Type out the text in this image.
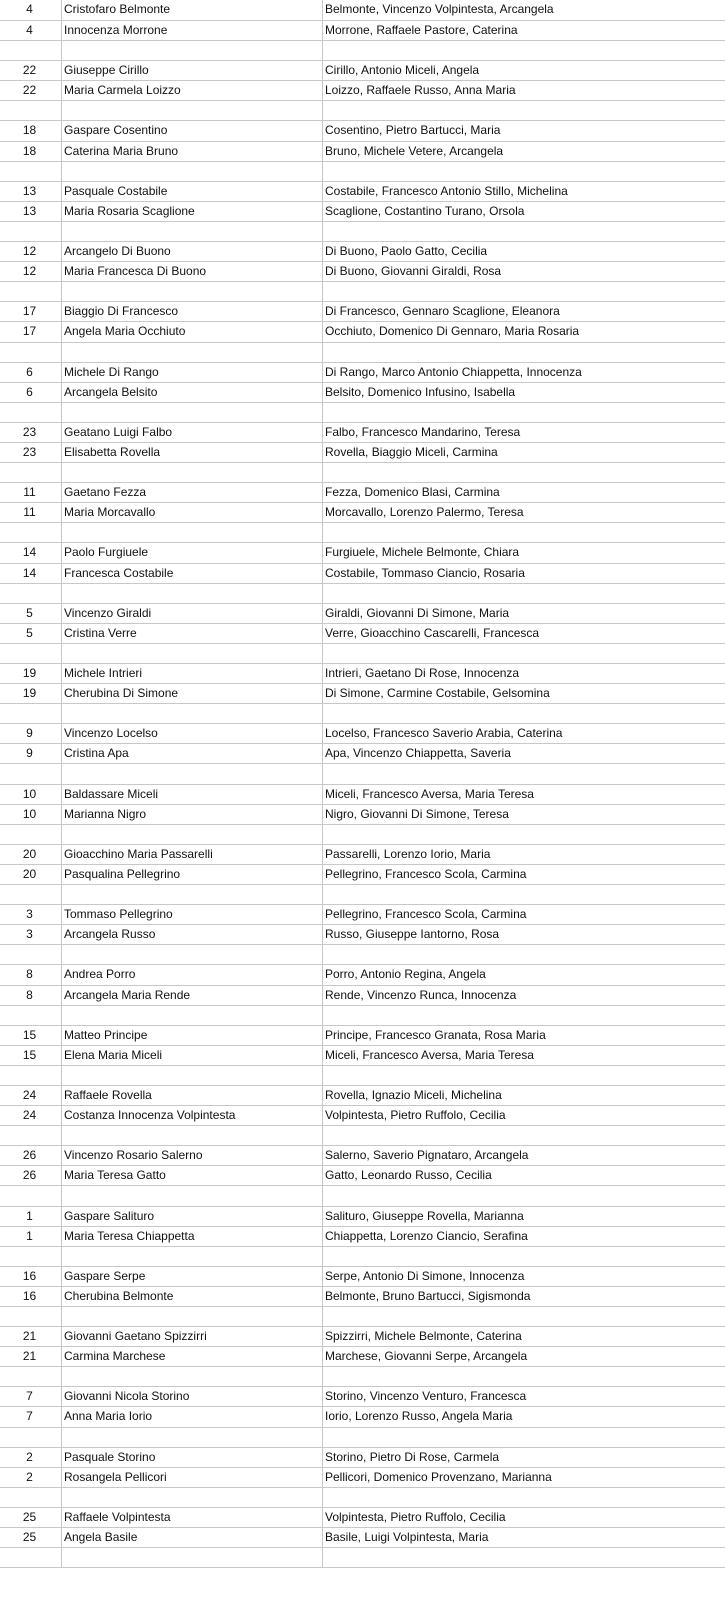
4	Cristofaro Belmonte	Belmonte, Vincenzo Volpintesta, Arcangela
4	Innocenza Morrone	Morrone, Raffaele Pastore, Caterina
22	Giuseppe Cirillo	Cirillo, Antonio Miceli, Angela
22	Maria Carmela Loizzo	Loizzo, Raffaele Russo, Anna Maria
18	Gaspare Cosentino	Cosentino, Pietro Bartucci, Maria
18	Caterina Maria Bruno	Bruno, Michele Vetere, Arcangela
13	Pasquale Costabile	Costabile, Francesco Antonio Stillo, Michelina
13	Maria Rosaria Scaglione	Scaglione, Costantino Turano, Orsola
12	Arcangelo Di Buono	Di Buono, Paolo Gatto, Cecilia
12	Maria Francesca Di Buono	Di Buono, Giovanni Giraldi, Rosa
17	Biaggio Di Francesco	Di Francesco, Gennaro Scaglione, Eleanora
17	Angela Maria Occhiuto	Occhiuto, Domenico Di Gennaro, Maria Rosaria
6	Michele Di Rango	Di Rango, Marco Antonio Chiappetta, Innocenza
6	Arcangela Belsito	Belsito, Domenico Infusino, Isabella
23	Geatano Luigi Falbo	Falbo, Francesco Mandarino, Teresa
23	Elisabetta Rovella	Rovella, Biaggio Miceli, Carmina
11	Gaetano Fezza	Fezza, Domenico Blasi, Carmina
11	Maria Morcavallo	Morcavallo, Lorenzo Palermo, Teresa
14	Paolo Furgiuele	Furgiuele, Michele Belmonte, Chiara
14	Francesca Costabile	Costabile, Tommaso Ciancio, Rosaria
5	Vincenzo Giraldi	Giraldi, Giovanni Di Simone, Maria
5	Cristina Verre	Verre, Gioacchino Cascarelli, Francesca
19	Michele Intrieri	Intrieri, Gaetano Di Rose, Innocenza
19	Cherubina Di Simone	Di Simone, Carmine Costabile, Gelsomina
9	Vincenzo Locelso	Locelso, Francesco Saverio Arabia, Caterina
9	Cristina Apa	Apa, Vincenzo Chiappetta, Saveria
10	Baldassare Miceli	Miceli, Francesco Aversa, Maria Teresa
10	Marianna Nigro	Nigro, Giovanni Di Simone, Teresa
20	Gioacchino Maria Passarelli	Passarelli, Lorenzo Iorio, Maria
20	Pasqualina Pellegrino	Pellegrino, Francesco Scola, Carmina
3	Tommaso Pellegrino	Pellegrino, Francesco Scola, Carmina
3	Arcangela Russo	Russo, Giuseppe Iantorno, Rosa
8	Andrea Porro	Porro, Antonio Regina, Angela
8	Arcangela Maria Rende	Rende, Vincenzo Runca, Innocenza
15	Matteo Principe	Principe, Francesco Granata, Rosa Maria
15	Elena Maria Miceli	Miceli, Francesco Aversa, Maria Teresa
24	Raffaele Rovella	Rovella, Ignazio Miceli, Michelina
24	Costanza Innocenza Volpintesta	Volpintesta, Pietro Ruffolo, Cecilia
26	Vincenzo Rosario Salerno	Salerno, Saverio Pignataro, Arcangela
26	Maria Teresa Gatto	Gatto, Leonardo Russo, Cecilia
1	Gaspare Salituro	Salituro, Giuseppe Rovella, Marianna
1	Maria Teresa Chiappetta	Chiappetta, Lorenzo Ciancio, Serafina
16	Gaspare Serpe	Serpe, Antonio Di Simone, Innocenza
16	Cherubina Belmonte	Belmonte, Bruno Bartucci, Sigismonda
21	Giovanni Gaetano Spizzirri	Spizzirri, Michele Belmonte, Caterina
21	Carmina Marchese	Marchese, Giovanni Serpe, Arcangela
7	Giovanni Nicola Storino	Storino, Vincenzo Venturo, Francesca
7	Anna Maria Iorio	Iorio, Lorenzo Russo, Angela Maria
2	Pasquale Storino	Storino, Pietro Di Rose, Carmela
2	Rosangela Pellicori	Pellicori, Domenico Provenzano, Marianna
25	Raffaele Volpintesta	Volpintesta, Pietro Ruffolo, Cecilia
25	Angela Basile	Basile, Luigi Volpintesta, Maria
